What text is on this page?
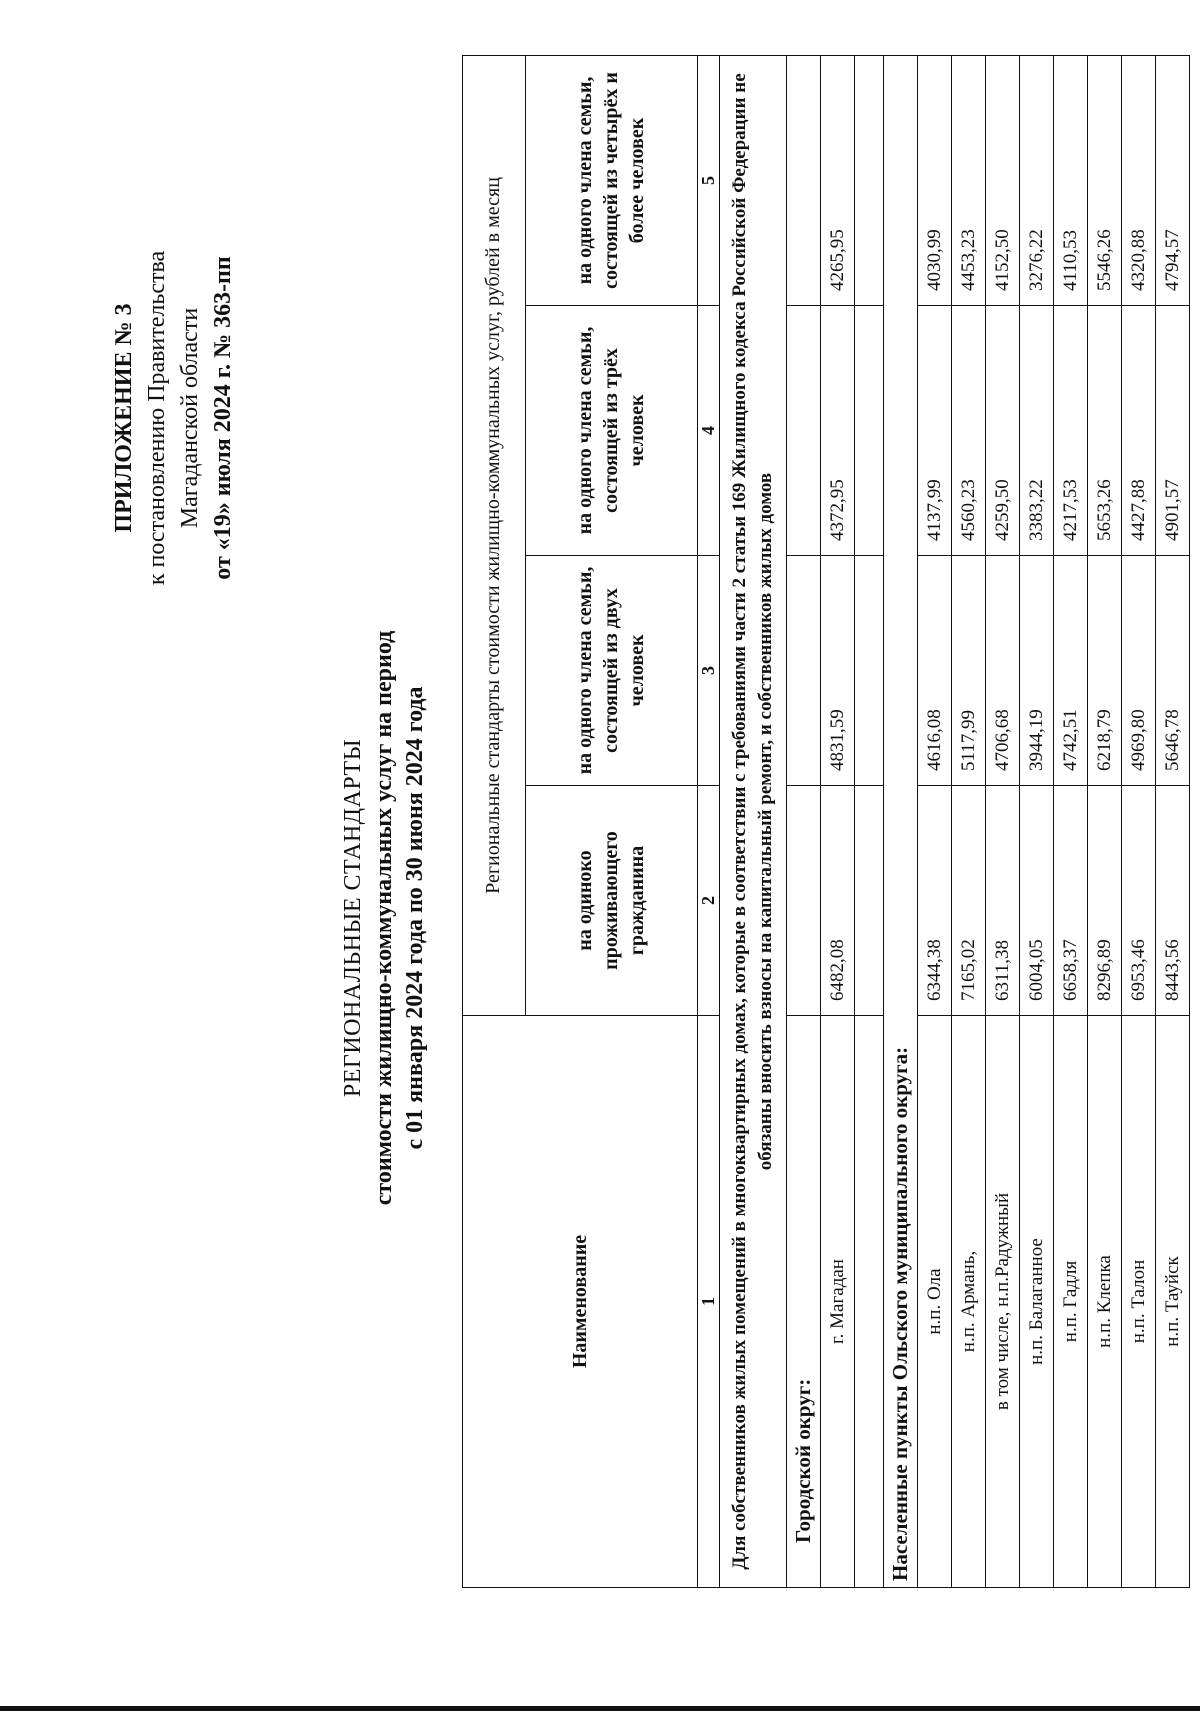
ПРИЛОЖЕНИЕ № 3 к постановлению Правительства Магаданской области от «19» июля 2024 г. № 363-пп
РЕГИОНАЛЬНЫЕ СТАНДАРТЫ стоимости жилищно-коммунальных услуг на период с 01 января 2024 года по 30 июня 2024 года
Наименование	Региональные стандарты стоимости жилищно-коммунальных услуг, рублей в месяц			
	на одиноко проживающего гражданина	на одного члена семьи, состоящей из двух человек	на одного члена семьи, состоящей из трёх человек	на одного члена семьи, состоящей из четырёх и более человек
1	2	3	4	5
Для собственников жилых помещений в многоквартирных домах, которые в соответствии с требованиями части 2 статьи 169 Жилищного кодекса Российской Федерации не обязаны вносить взносы на капитальный ремонт, и собственников жилых домов				
Городской округ:				
г. Магадан	6482,08	4831,59	4372,95	4265,95

Населенные пункты Ольского муниципального округа:				
н.п. Ола	6344,38	4616,08	4137,99	4030,99
н.п. Армань,	7165,02	5117,99	4560,23	4453,23
в том числе, н.п.Радужный	6311,38	4706,68	4259,50	4152,50
н.п. Балаганное	6004,05	3944,19	3383,22	3276,22
н.п. Гадля	6658,37	4742,51	4217,53	4110,53
н.п. Клепка	8296,89	6218,79	5653,26	5546,26
н.п. Талон	6953,46	4969,80	4427,88	4320,88
н.п. Тауйск	8443,56	5646,78	4901,57	4794,57
